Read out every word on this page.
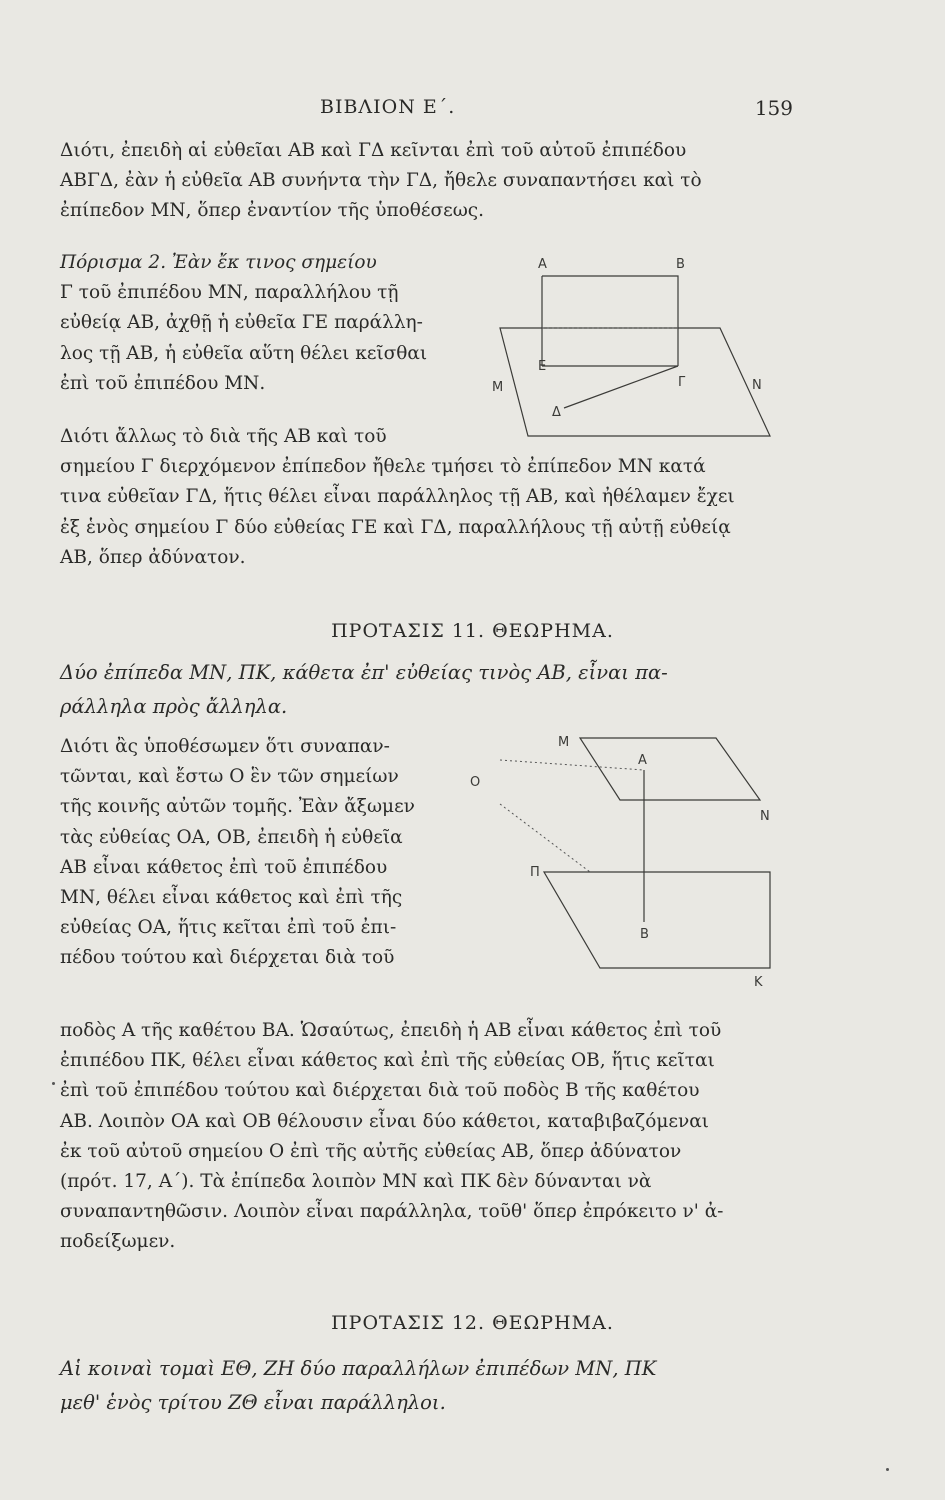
ΒΙΒΛΙΟΝ Ε΄.	159
Διότι, ἐπειδὴ αἱ εὐθεῖαι ΑΒ καὶ ΓΔ κεῖνται ἐπὶ τοῦ αὐτοῦ ἐπιπέδου
ΑΒΓΔ, ἐὰν ἡ εὐθεῖα ΑΒ συνήντα τὴν ΓΔ, ἤθελε συναπαντήσει καὶ τὸ
ἐπίπεδον ΜΝ, ὅπερ ἐναντίον τῆς ὑποθέσεως.
Πόρισμα 2. Ἐὰν ἔκ τινος σημείου
Γ τοῦ ἐπιπέδου ΜΝ, παραλλήλου τῇ
εὐθείᾳ ΑΒ, ἀχθῇ ἡ εὐθεῖα ΓΕ παράλλη-
λος τῇ ΑΒ, ἡ εὐθεῖα αὕτη θέλει κεῖσθαι
ἐπὶ τοῦ ἐπιπέδου ΜΝ.
Α	Β
Μ
Ε
Γ	Ν
Δ
Διότι ἄλλως τὸ διὰ τῆς ΑΒ καὶ τοῦ
σημείου Γ διερχόμενον ἐπίπεδον ἤθελε τμήσει τὸ ἐπίπεδον ΜΝ κατά
τινα εὐθεῖαν ΓΔ, ἥτις θέλει εἶναι παράλληλος τῇ ΑΒ, καὶ ἠθέλαμεν ἔχει
ἐξ ἑνὸς σημείου Γ δύο εὐθείας ΓΕ καὶ ΓΔ, παραλλήλους τῇ αὐτῇ εὐθείᾳ
ΑΒ, ὅπερ ἀδύνατον.
ΠΡΟΤΑΣΙΣ 11. ΘΕΩΡΗΜΑ.
Δύο ἐπίπεδα ΜΝ, ΠΚ, κάθετα ἐπ' εὐθείας τινὸς ΑΒ, εἶναι πα-
ράλληλα πρὸς ἄλληλα.
Διότι ἂς ὑποθέσωμεν ὅτι συναπαν-
τῶνται, καὶ ἔστω Ο ἓν τῶν σημείων
τῆς κοινῆς αὐτῶν τομῆς. Ἐὰν ἄξωμεν
τὰς εὐθείας ΟΑ, ΟΒ, ἐπειδὴ ἡ εὐθεῖα
ΑΒ εἶναι κάθετος ἐπὶ τοῦ ἐπιπέδου
ΜΝ, θέλει εἶναι κάθετος καὶ ἐπὶ τῆς
εὐθείας ΟΑ, ἥτις κεῖται ἐπὶ τοῦ ἐπι-
πέδου τούτου καὶ διέρχεται διὰ τοῦ
Μ
Ο
Α
Ν
Π
Β
Κ
ποδὸς Α τῆς καθέτου ΒΑ. Ὡσαύτως, ἐπειδὴ ἡ ΑΒ εἶναι κάθετος ἐπὶ τοῦ
ἐπιπέδου ΠΚ, θέλει εἶναι κάθετος καὶ ἐπὶ τῆς εὐθείας ΟΒ, ἥτις κεῖται
ἐπὶ τοῦ ἐπιπέδου τούτου καὶ διέρχεται διὰ τοῦ ποδὸς Β τῆς καθέτου
ΑΒ. Λοιπὸν ΟΑ καὶ ΟΒ θέλουσιν εἶναι δύο κάθετοι, καταβιβαζόμεναι
ἐκ τοῦ αὐτοῦ σημείου Ο ἐπὶ τῆς αὐτῆς εὐθείας ΑΒ, ὅπερ ἀδύνατον
(πρότ. 17, Α΄). Τὰ ἐπίπεδα λοιπὸν ΜΝ καὶ ΠΚ δὲν δύνανται νὰ
συναπαντηθῶσιν. Λοιπὸν εἶναι παράλληλα, τοῦθ' ὅπερ ἐπρόκειτο ν' ἀ-
ποδείξωμεν.
ΠΡΟΤΑΣΙΣ 12. ΘΕΩΡΗΜΑ.
Αἱ κοιναὶ τομαὶ ΕΘ, ΖΗ δύο παραλλήλων ἐπιπέδων ΜΝ, ΠΚ
μεθ' ἑνὸς τρίτου ΖΘ εἶναι παράλληλοι.
